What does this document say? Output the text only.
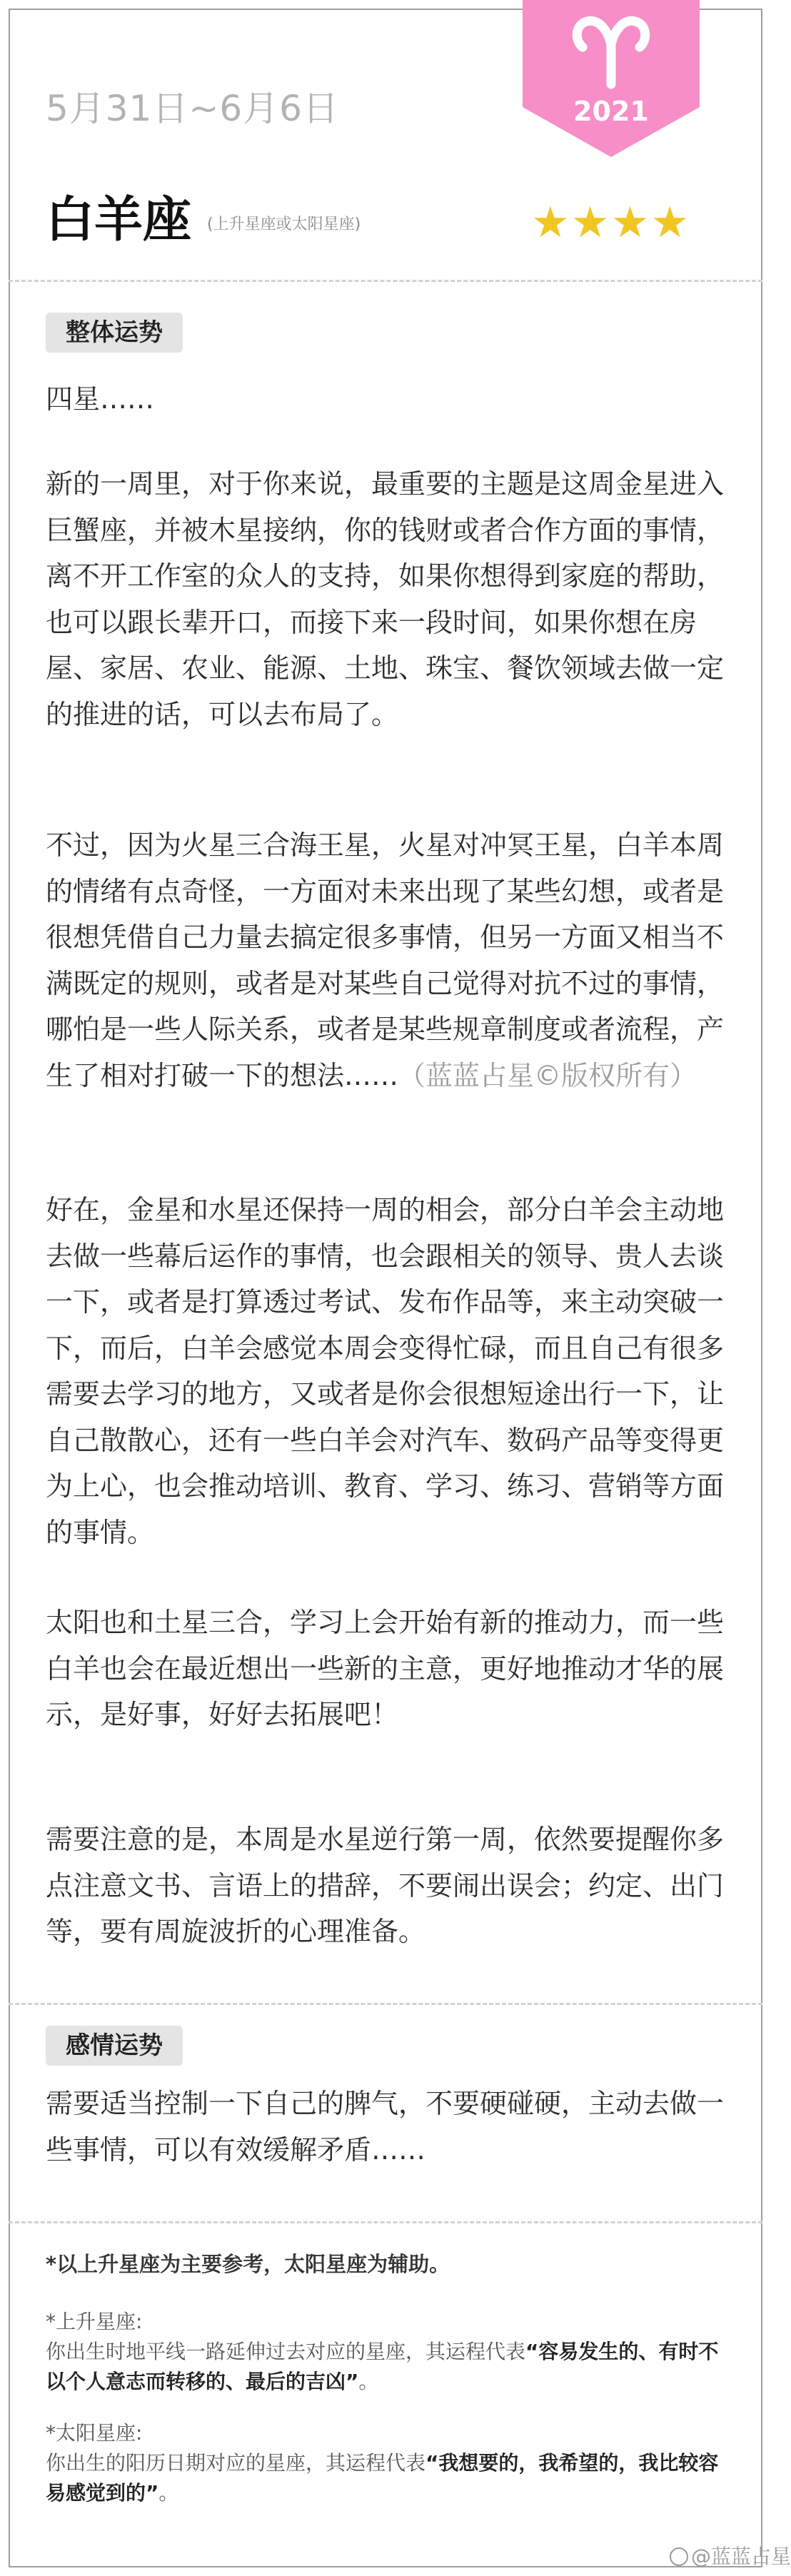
2021
5月31日~6月6日
白羊座 (上升星座或太阳星座)	★★★★
整体运势

四星……

新的一周里，对于你来说，最重要的主题是这周金星进入巨蟹座，并被木星接纳，你的钱财或者合作方面的事情，离不开工作室的众人的支持，如果你想得到家庭的帮助，也可以跟长辈开口，而接下来一段时间，如果你想在房屋、家居、农业、能源、土地、珠宝、餐饮领域去做一定的推进的话，可以去布局了。

不过，因为火星三合海王星，火星对冲冥王星，白羊本周的情绪有点奇怪，一方面对未来出现了某些幻想，或者是很想凭借自己力量去搞定很多事情，但另一方面又相当不满既定的规则，或者是对某些自己觉得对抗不过的事情，哪怕是一些人际关系，或者是某些规章制度或者流程，产生了相对打破一下的想法……（蓝蓝占星©版权所有）

好在，金星和水星还保持一周的相会，部分白羊会主动地去做一些幕后运作的事情，也会跟相关的领导、贵人去谈一下，或者是打算透过考试、发布作品等，来主动突破一下，而后，白羊会感觉本周会变得忙碌，而且自己有很多需要去学习的地方，又或者是你会很想短途出行一下，让自己散散心，还有一些白羊会对汽车、数码产品等变得更为上心，也会推动培训、教育、学习、练习、营销等方面的事情。

太阳也和土星三合，学习上会开始有新的推动力，而一些白羊也会在最近想出一些新的主意，更好地推动才华的展示，是好事，好好去拓展吧！

需要注意的是，本周是水星逆行第一周，依然要提醒你多点注意文书、言语上的措辞，不要闹出误会；约定、出门等，要有周旋波折的心理准备。

感情运势

需要适当控制一下自己的脾气，不要硬碰硬，主动去做一些事情，可以有效缓解矛盾……

*以上升星座为主要参考，太阳星座为辅助。

*上升星座:
你出生时地平线一路延伸过去对应的星座，其运程代表“容易发生的、有时不以个人意志而转移的、最后的吉凶”。

*太阳星座:
你出生的阳历日期对应的星座，其运程代表“我想要的，我希望的，我比较容易感觉到的”。

@蓝蓝占星
